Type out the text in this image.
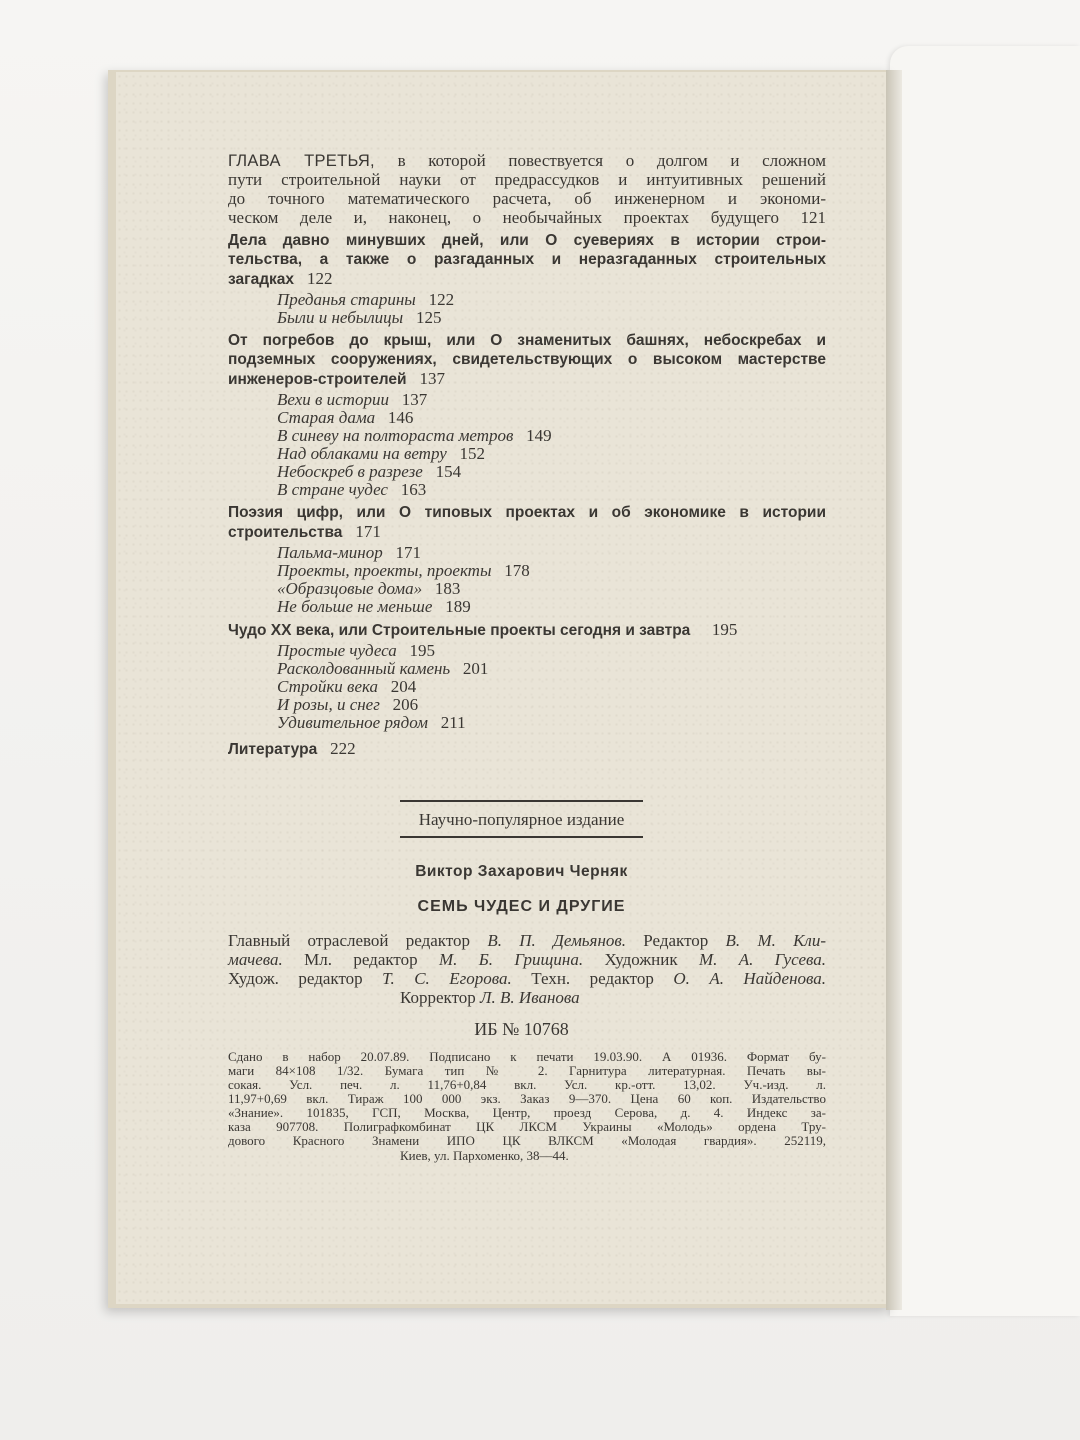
ГЛАВА ТРЕТЬЯ, в которой повествуется о долгом и сложном
пути строительной науки от предрассудков и интуитивных решений
до точного математического расчета, об инженерном и экономи-
ческом деле и, наконец, о необычайных проектах будущего 121
Дела давно минувших дней, или О суевериях в истории строи-
тельства, а также о разгаданных и неразгаданных строительных
загадках 122
Преданья старины 122
Были и небылицы 125
От погребов до крыш, или О знаменитых башнях, небоскребах и
подземных сооружениях, свидетельствующих о высоком мастерстве
инженеров-строителей 137
Вехи в истории 137
Старая дама 146
В синеву на полтораста метров 149
Над облаками на ветру 152
Небоскреб в разрезе 154
В стране чудес 163
Поэзия цифр, или О типовых проектах и об экономике в истории
строительства 171
Пальма-минор 171
Проекты, проекты, проекты 178
«Образцовые дома» 183
Не больше не меньше 189
Чудо XX века, или Строительные проекты сегодня и завтра 195
Простые чудеса 195
Расколдованный камень 201
Стройки века 204
И розы, и снег 206
Удивительное рядом 211
Литература 222
Научно-популярное издание
Виктор Захарович Черняк
СЕМЬ ЧУДЕС И ДРУГИЕ
Главный отраслевой редактор В. П. Демьянов. Редактор В. М. Кли-
мачева. Мл. редактор М. Б. Грищина. Художник М. А. Гусева.
Худож. редактор Т. С. Егорова. Техн. редактор О. А. Найденова.
Корректор Л. В. Иванова
ИБ № 10768
Сдано в набор 20.07.89. Подписано к печати 19.03.90. А 01936. Формат бу-
маги 84×108 1/32. Бумага тип № 2. Гарнитура литературная. Печать вы-
сокая. Усл. печ. л. 11,76+0,84 вкл. Усл. кр.-отт. 13,02. Уч.-изд. л.
11,97+0,69 вкл. Тираж 100 000 экз. Заказ 9—370. Цена 60 коп. Издательство
«Знание». 101835, ГСП, Москва, Центр, проезд Серова, д. 4. Индекс за-
каза 907708. Полиграфкомбинат ЦК ЛКСМ Украины «Молодь» ордена Тру-
дового Красного Знамени ИПО ЦК ВЛКСМ «Молодая гвардия». 252119,
Киев, ул. Пархоменко, 38—44.
